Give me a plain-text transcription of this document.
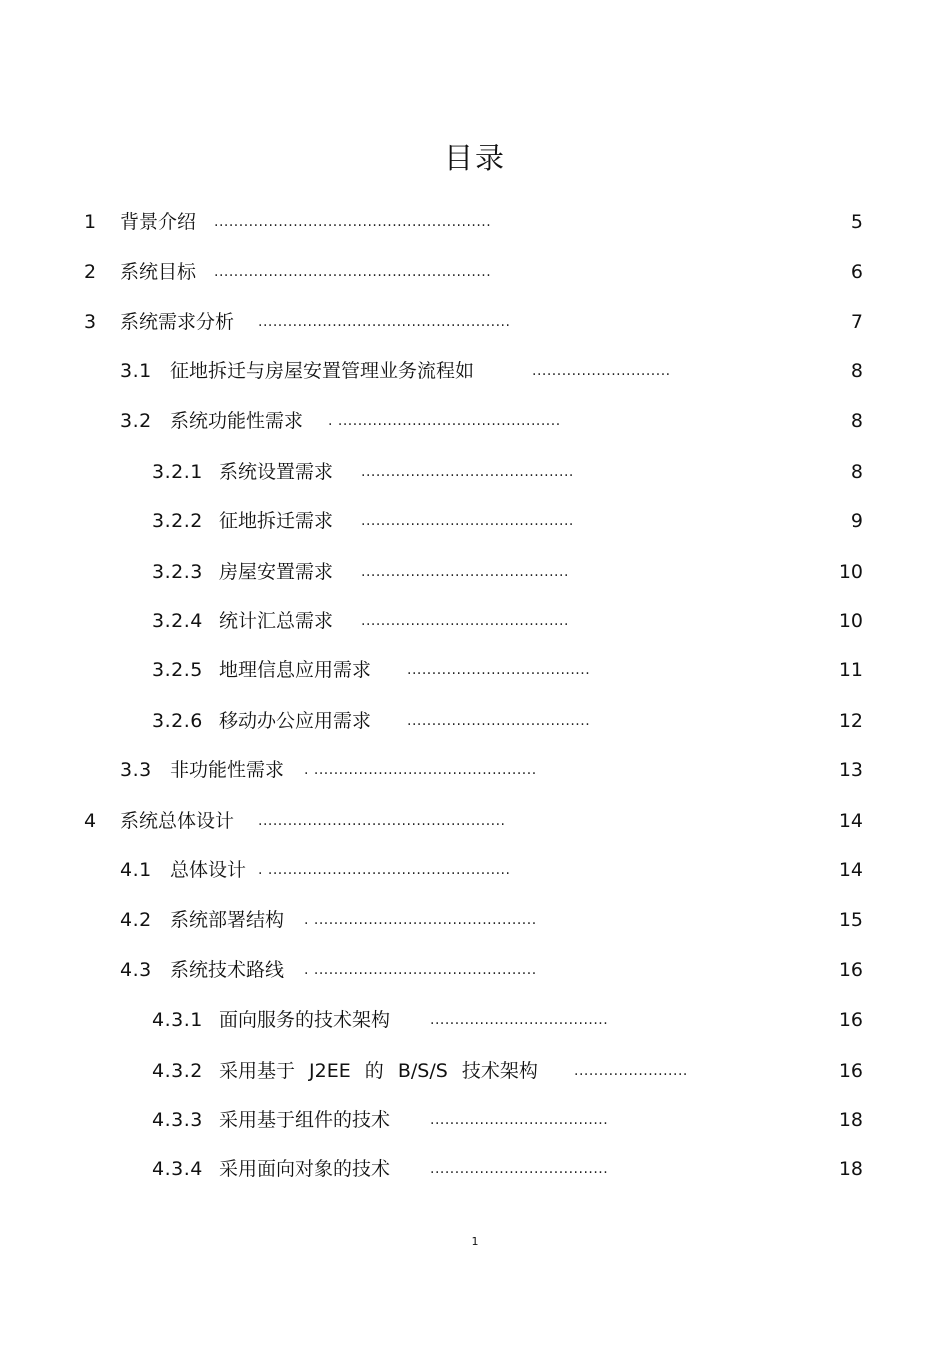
目录
1 背景介绍 ........................................................	5
2 系统目标 ........................................................	6
3 系统需求分析 ...................................................	7
3.1 征地拆迁与房屋安置管理业务流程如	............................	8
3.2 系统功能性需求 . .............................................	8
3.2.1 系统设置需求 ...........................................	8
3.2.2 征地拆迁需求 ...........................................	9
3.2.3 房屋安置需求 ..........................................	10
3.2.4 统计汇总需求 ..........................................	10
3.2.5 地理信息应用需求	.....................................	11
3.2.6 移动办公应用需求	.....................................	12
3.3 非功能性需求 . .............................................	13
4 系统总体设计 ..................................................	14
4.1 总体设计 . .................................................	14
4.2 系统部署结构 . .............................................	15
4.3 系统技术路线 . .............................................	16
4.3.1 面向服务的技术架构	....................................	16
4.3.2 采用基于 J2EE 的 B/S/S 技术架构	.......................	16
4.3.3 采用基于组件的技术	....................................	18
4.3.4 采用面向对象的技术	....................................	18
1
